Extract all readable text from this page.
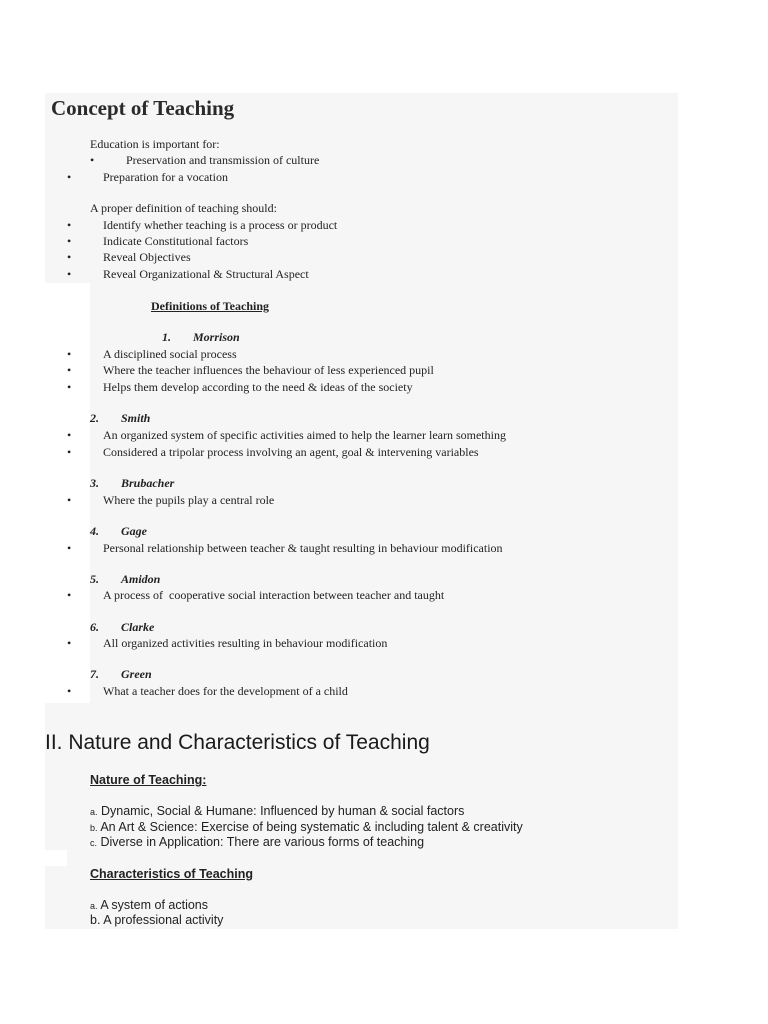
Concept of Teaching
Education is important for:
•	Preservation and transmission of culture
•	Preparation for a vocation
A proper definition of teaching should:
•	Identify whether teaching is a process or product
•	Indicate Constitutional factors
•	Reveal Objectives
•	Reveal Organizational & Structural Aspect
Definitions of Teaching
1. Morrison
•	A disciplined social process
•	Where the teacher influences the behaviour of less experienced pupil
•	Helps them develop according to the need & ideas of the society
2. Smith
•	An organized system of specific activities aimed to help the learner learn something
•	Considered a tripolar process involving an agent, goal & intervening variables
3. Brubacher
•	Where the pupils play a central role
4. Gage
•	Personal relationship between teacher & taught resulting in behaviour modification
5. Amidon
•	A process of  cooperative social interaction between teacher and taught
6. Clarke
•	All organized activities resulting in behaviour modification
7. Green
•	What a teacher does for the development of a child
II. Nature and Characteristics of Teaching
Nature of Teaching:
a. Dynamic, Social & Humane: Influenced by human & social factors
b. An Art & Science: Exercise of being systematic & including talent & creativity
c. Diverse in Application: There are various forms of teaching
Characteristics of Teaching
a. A system of actions
b. A professional activity
